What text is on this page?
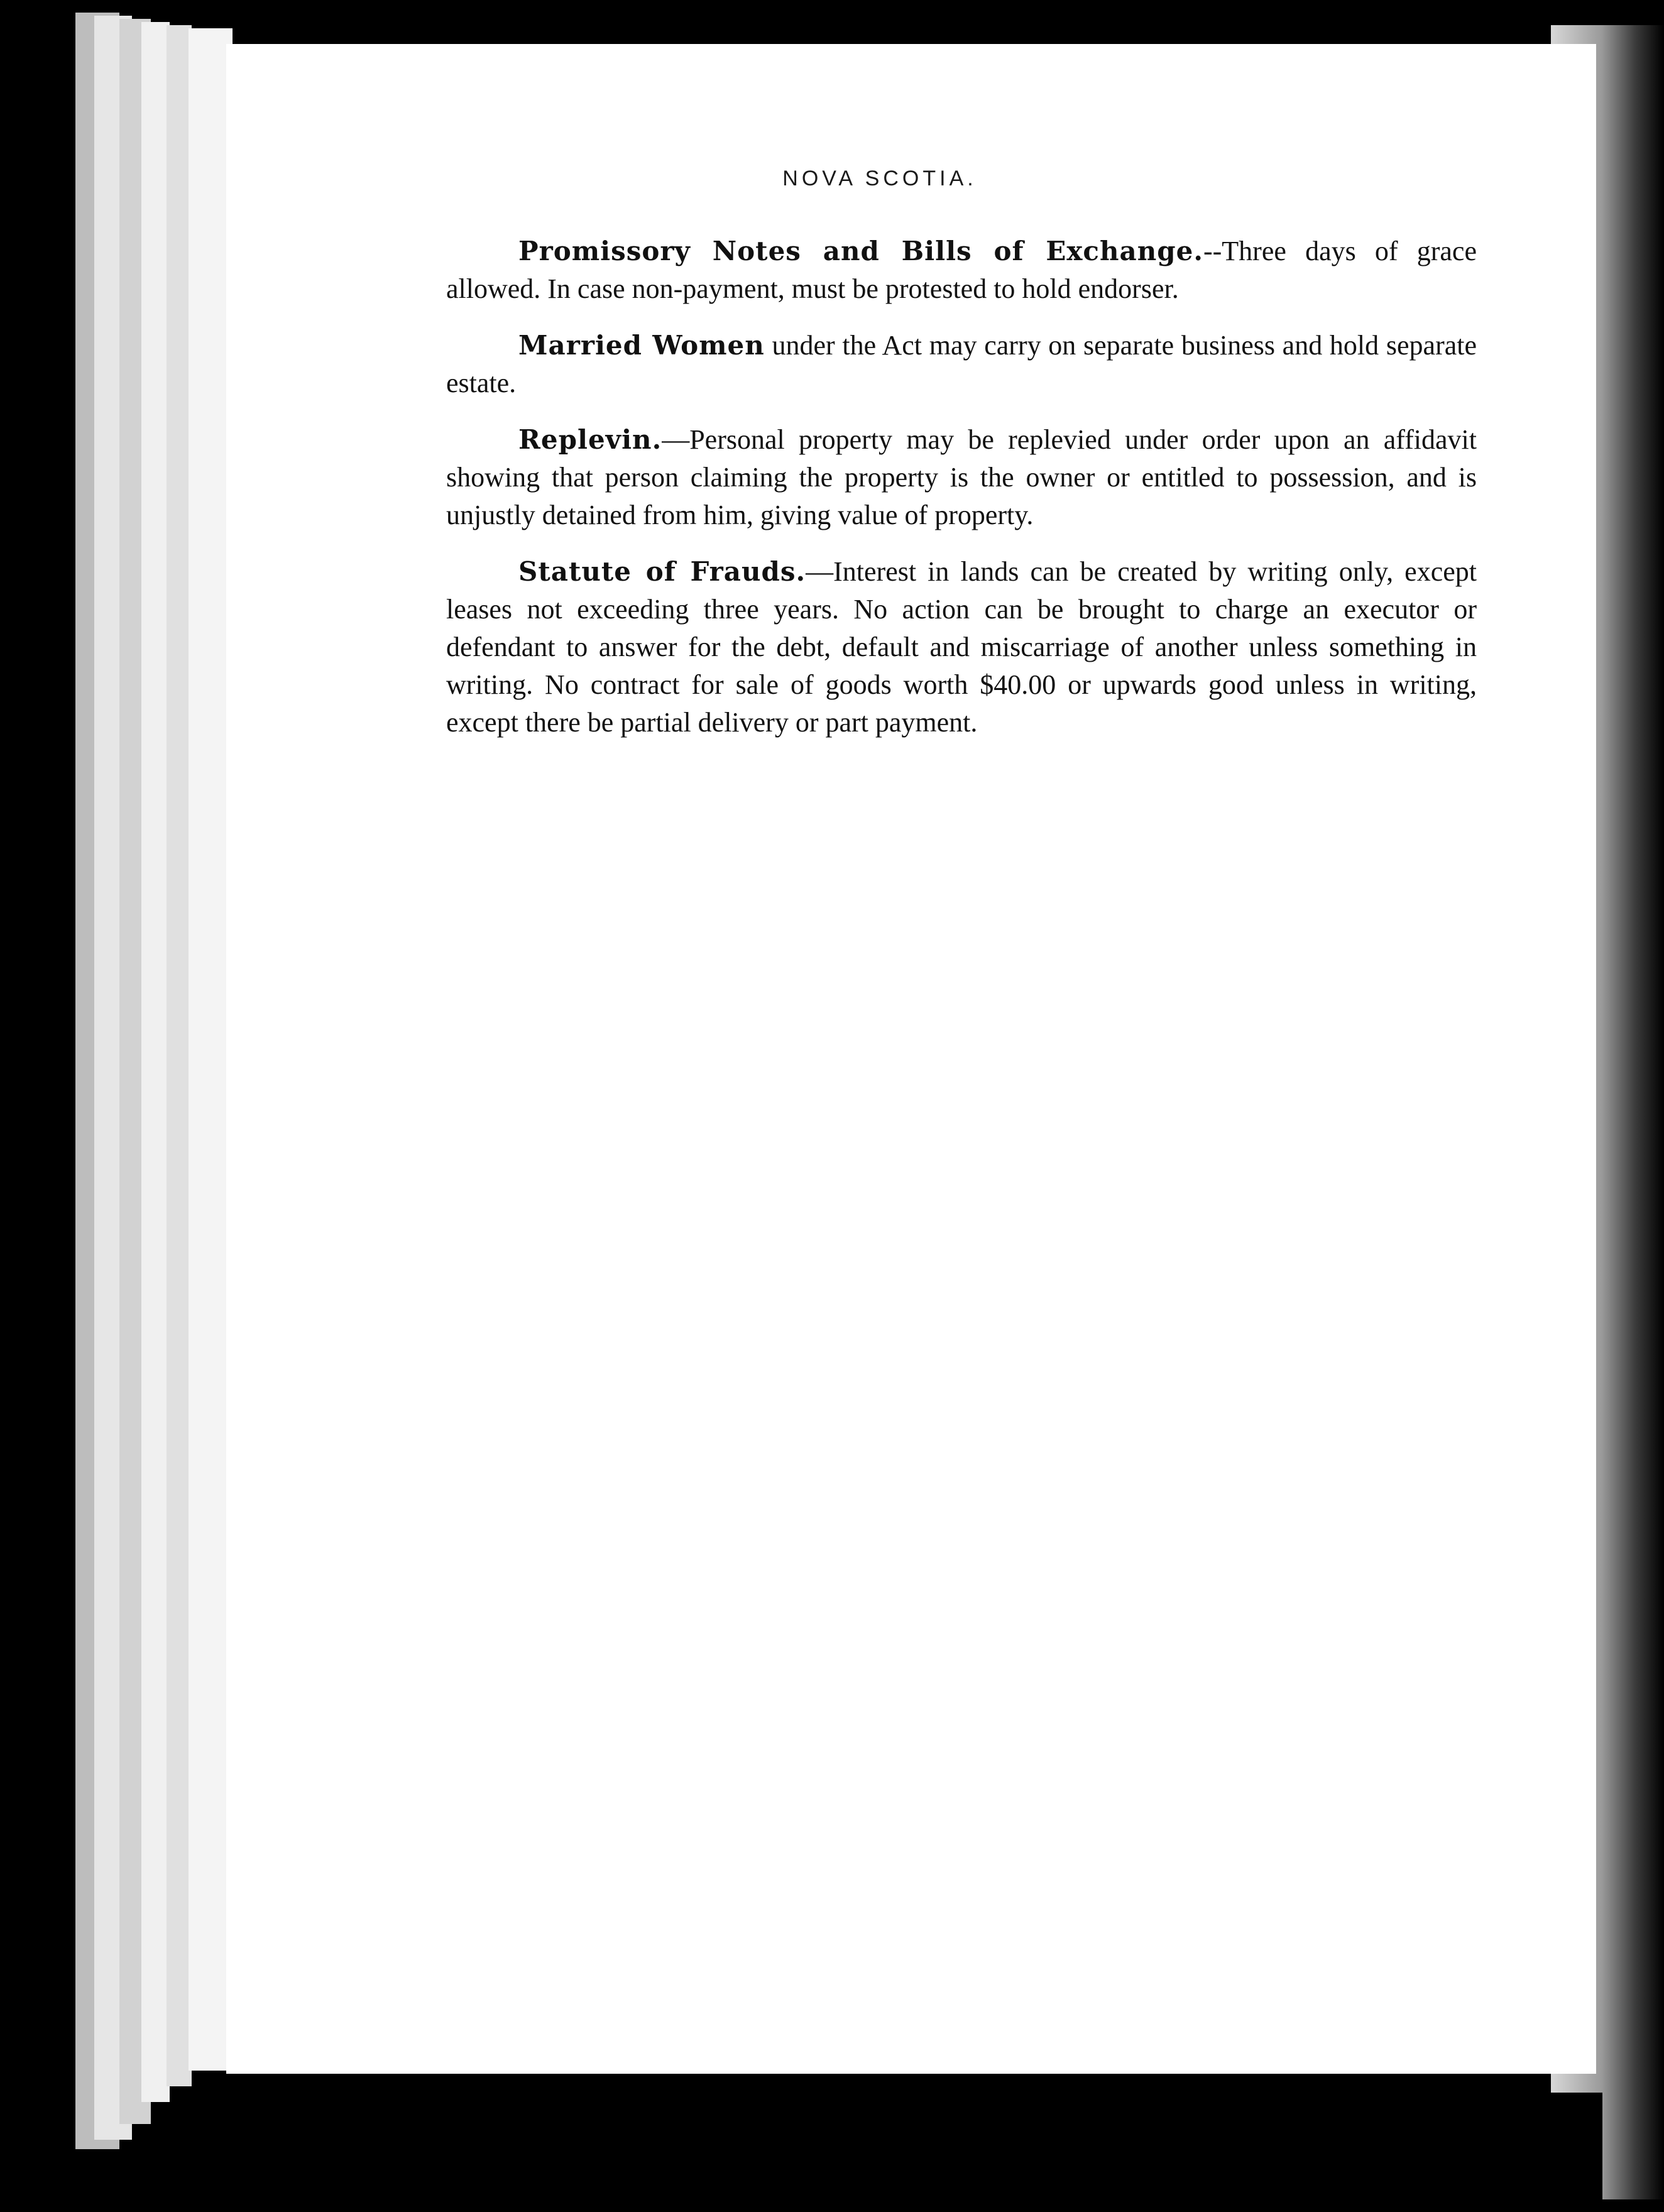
NOVA SCOTIA.

Promissory Notes and Bills of Exchange.--Three days of grace allowed. In case non-payment, must be protested to hold endorser.

Married Women under the Act may carry on separate business and hold separate estate.

Replevin.—Personal property may be replevied under order upon an affidavit showing that person claiming the property is the owner or entitled to possession, and is unjustly detained from him, giving value of property.

Statute of Frauds.—Interest in lands can be created by writing only, except leases not exceeding three years. No action can be brought to charge an executor or defendant to answer for the debt, default and miscarriage of another unless something in writing. No contract for sale of goods worth $40.00 or upwards good unless in writing, except there be partial delivery or part payment.
